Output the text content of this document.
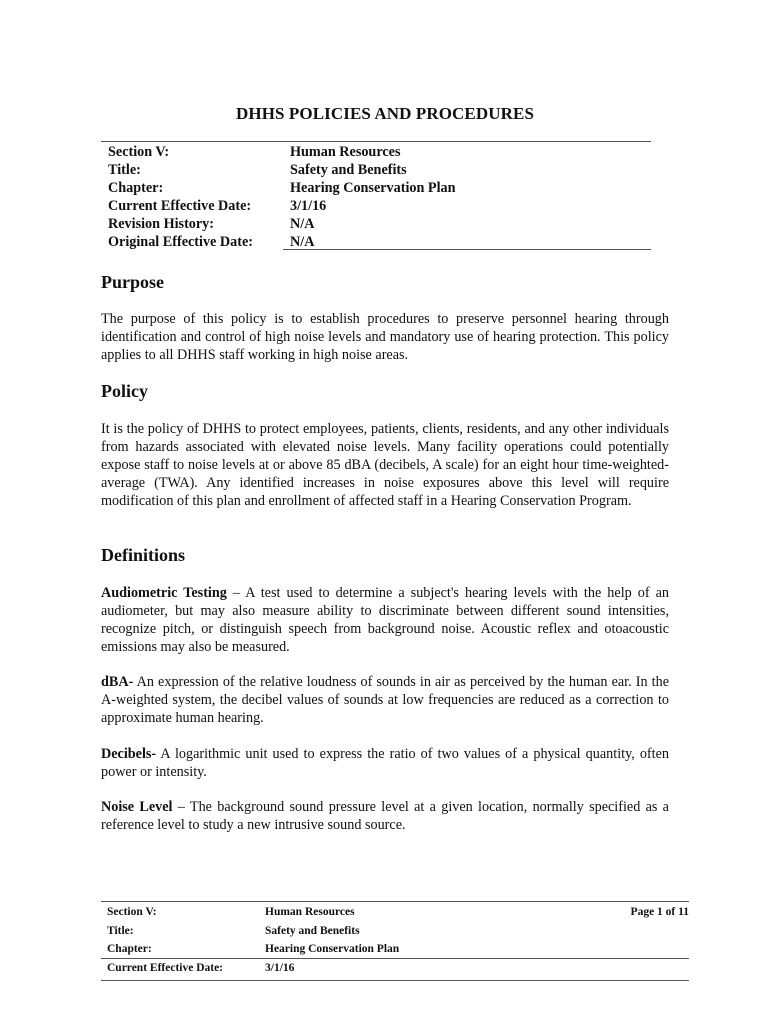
DHHS POLICIES AND PROCEDURES
Section V:	Human Resources
Title:	Safety and Benefits
Chapter:	Hearing Conservation Plan
Current Effective Date:	3/1/16
Revision History:	N/A
Original Effective Date:	N/A
Purpose
The purpose of this policy is to establish procedures to preserve personnel hearing through identification and control of high noise levels and mandatory use of hearing protection. This policy applies to all DHHS staff working in high noise areas.
Policy
It is the policy of DHHS to protect employees, patients, clients, residents, and any other individuals from hazards associated with elevated noise levels. Many facility operations could potentially expose staff to noise levels at or above 85 dBA (decibels, A scale) for an eight hour time-weighted-average (TWA). Any identified increases in noise exposures above this level will require modification of this plan and enrollment of affected staff in a Hearing Conservation Program.
Definitions
Audiometric Testing – A test used to determine a subject's hearing levels with the help of an audiometer, but may also measure ability to discriminate between different sound intensities, recognize pitch, or distinguish speech from background noise. Acoustic reflex and otoacoustic emissions may also be measured.
dBA- An expression of the relative loudness of sounds in air as perceived by the human ear. In the A-weighted system, the decibel values of sounds at low frequencies are reduced as a correction to approximate human hearing.
Decibels- A logarithmic unit used to express the ratio of two values of a physical quantity, often power or intensity.
Noise Level – The background sound pressure level at a given location, normally specified as a reference level to study a new intrusive sound source.
Section V:	Human Resources	Page 1 of 11
Title:	Safety and Benefits
Chapter:	Hearing Conservation Plan
Current Effective Date:	3/1/16
